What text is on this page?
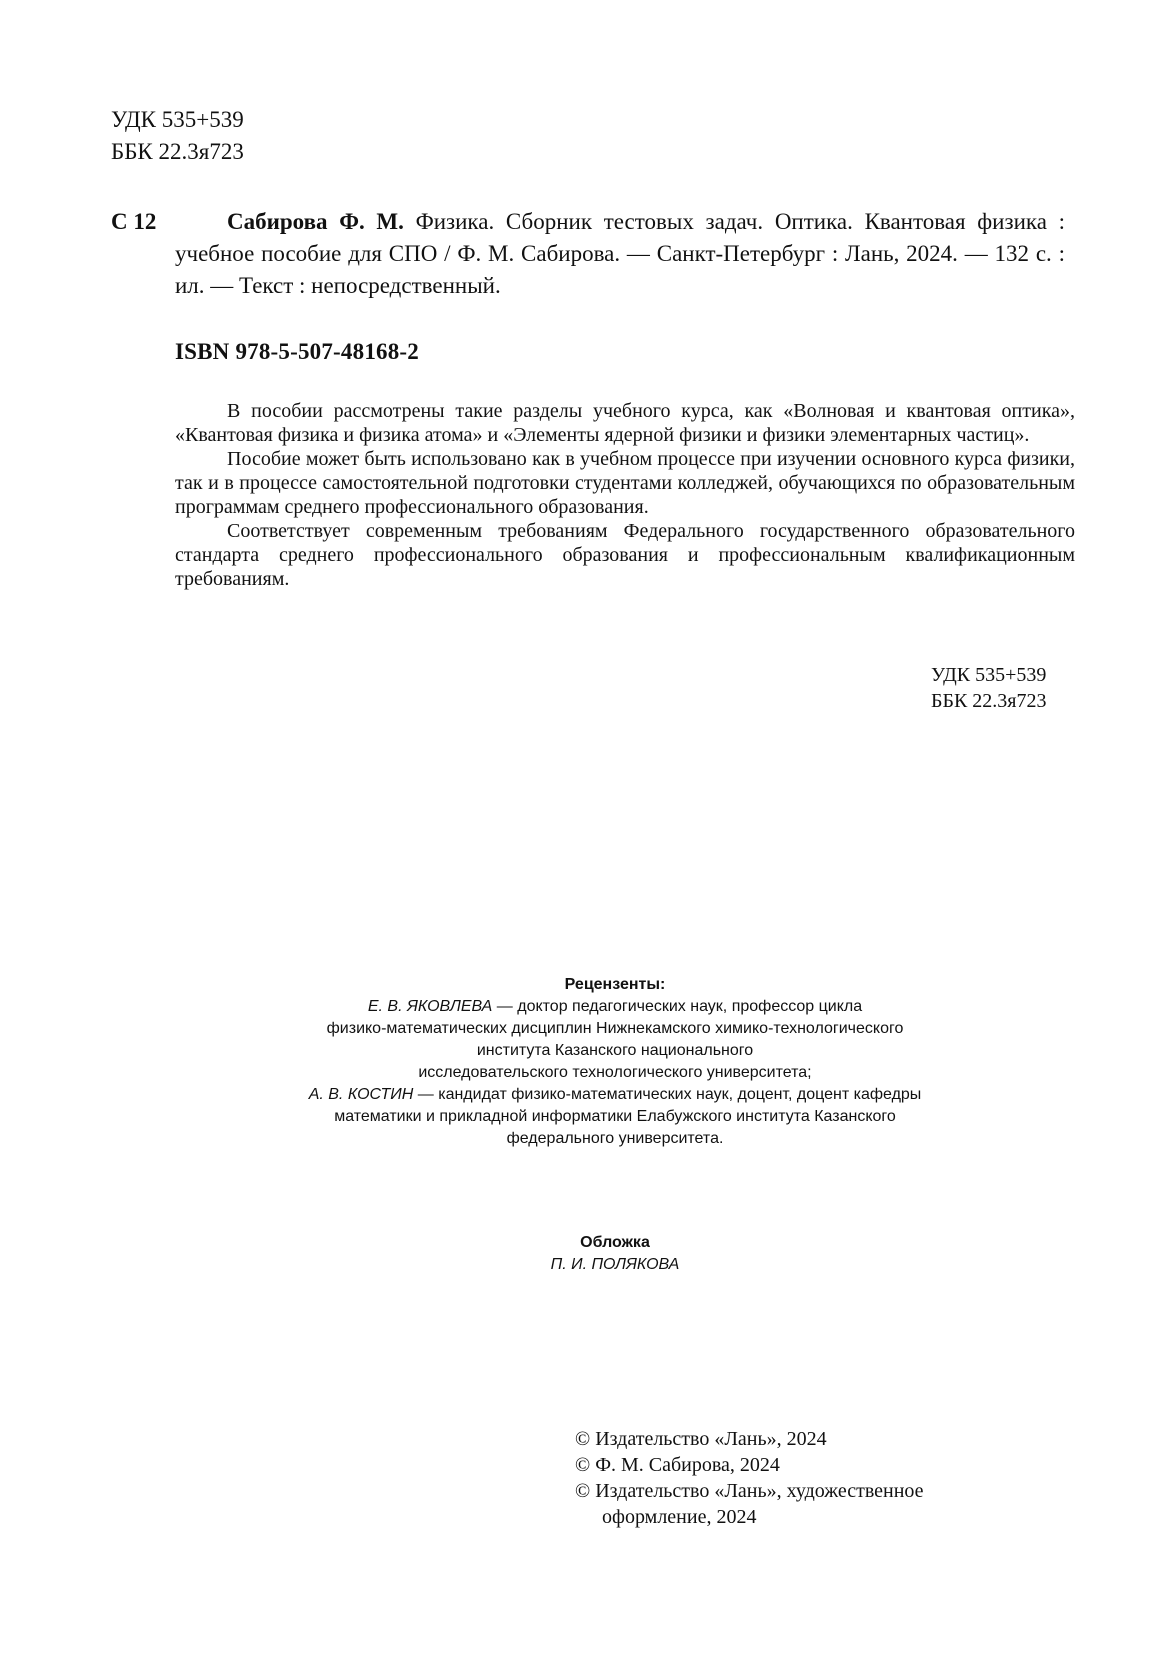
УДК 535+539
ББК 22.3я723
С 12	Сабирова Ф. М. Физика. Сборник тестовых задач. Оптика. Квантовая физика : учебное пособие для СПО / Ф. М. Сабирова. — Санкт-Петербург : Лань, 2024. — 132 с. : ил. — Текст : непосредственный.
ISBN 978-5-507-48168-2

В пособии рассмотрены такие разделы учебного курса, как «Волновая и квантовая оптика», «Квантовая физика и физика атома» и «Элементы ядерной физики и физики элементарных частиц».

Пособие может быть использовано как в учебном процессе при изучении основного курса физики, так и в процессе самостоятельной подготовки студентами колледжей, обучающихся по образовательным программам среднего профессионального образования.

Соответствует современным требованиям Федерального государственного образовательного стандарта среднего профессионального образования и профессиональным квалификационным требованиям.

УДК 535+539
ББК 22.3я723
Рецензенты:
Е. В. ЯКОВЛЕВА — доктор педагогических наук, профессор цикла
физико-математических дисциплин Нижнекамского химико-технологического
института Казанского национального
исследовательского технологического университета;
А. В. КОСТИН — кандидат физико-математических наук, доцент, доцент кафедры
математики и прикладной информатики Елабужского института Казанского
федерального университета.
Обложка
П. И. ПОЛЯКОВА
© Издательство «Лань», 2024
© Ф. М. Сабирова, 2024
© Издательство «Лань», художественное
оформление, 2024
